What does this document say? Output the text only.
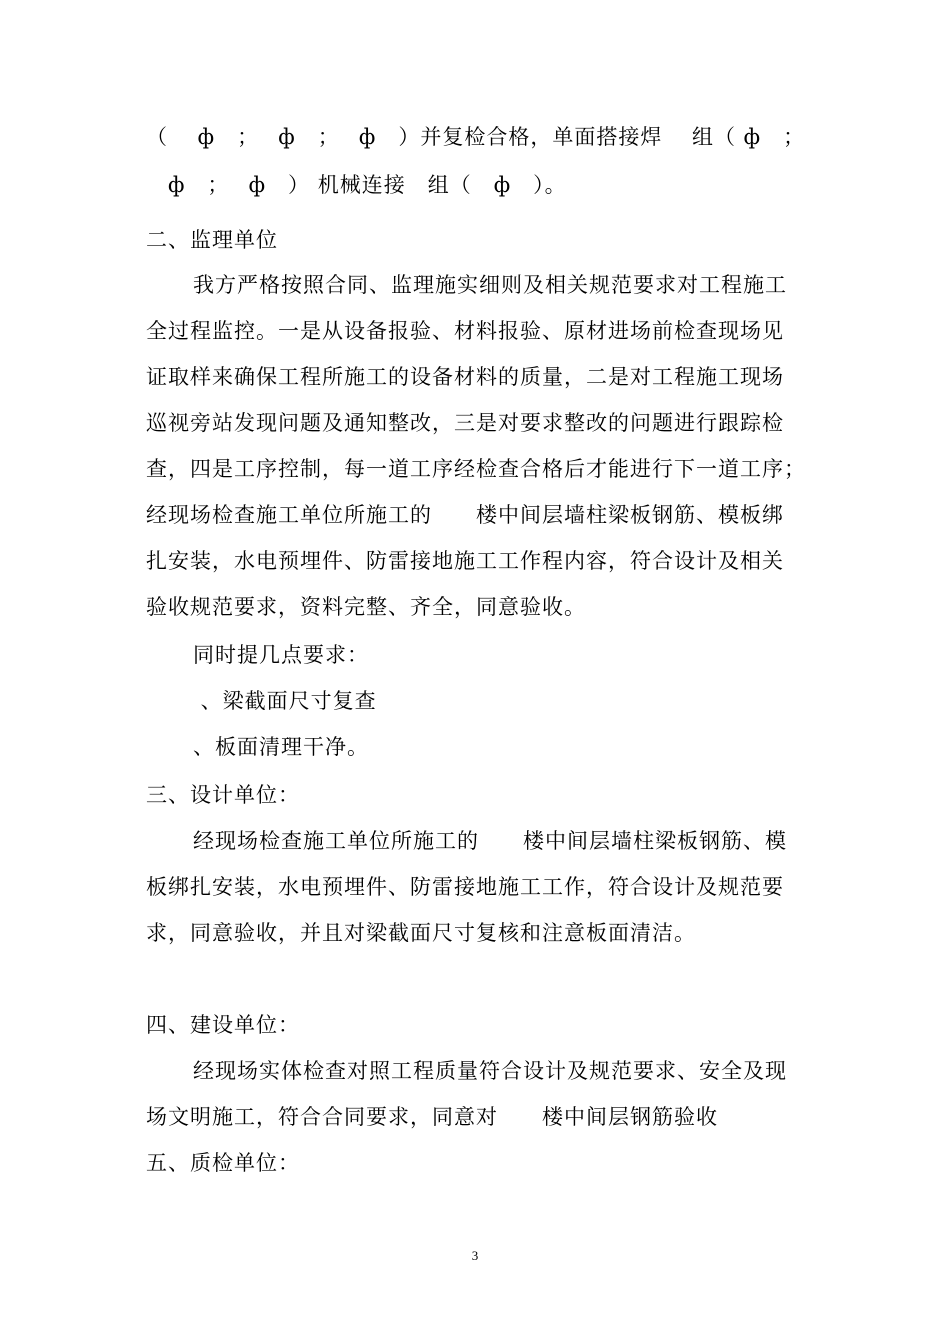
（　 ф　；　 ф　；　 ф　）并复检合格，单面搭接焊　 组（ ф　；
　ф　；　 ф　） 机械连接　组（　ф　）。
二、监理单位
我方严格按照合同、监理施实细则及相关规范要求对工程施工
全过程监控。一是从设备报验、材料报验、原材进场前检查现场见
证取样来确保工程所施工的设备材料的质量，二是对工程施工现场
巡视旁站发现问题及通知整改，三是对要求整改的问题进行跟踪检
查，四是工序控制，每一道工序经检查合格后才能进行下一道工序；
经现场检查施工单位所施工的　　楼中间层墙柱梁板钢筋、模板绑
扎安装，水电预埋件、防雷接地施工工作程内容，符合设计及相关
验收规范要求，资料完整、齐全，同意验收。
同时提几点要求：
、梁截面尺寸复查
、板面清理干净。
三、设计单位：
经现场检查施工单位所施工的　　楼中间层墙柱梁板钢筋、模
板绑扎安装，水电预埋件、防雷接地施工工作，符合设计及规范要
求，同意验收，并且对梁截面尺寸复核和注意板面清洁。
四、建设单位：
经现场实体检查对照工程质量符合设计及规范要求、安全及现
场文明施工，符合合同要求，同意对　　楼中间层钢筋验收
五、质检单位：
3
